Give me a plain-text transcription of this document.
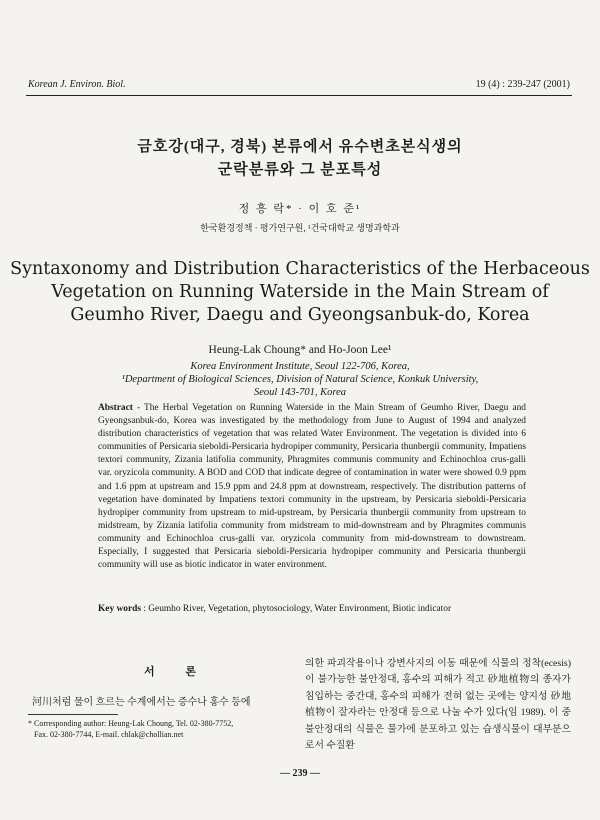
Korean J. Environ. Biol.	19 (4) : 239-247 (2001)
금호강(대구, 경북) 본류에서 유수변초본식생의
군락분류와 그 분포특성
정 흥 락* · 이 호 준¹
한국환경정책 · 평가연구원, ¹건국대학교 생명과학과
Syntaxonomy and Distribution Characteristics of the Herbaceous
Vegetation on Running Waterside in the Main Stream of
Geumho River, Daegu and Gyeongsanbuk-do, Korea
Heung-Lak Choung* and Ho-Joon Lee¹
Korea Environment Institute, Seoul 122-706, Korea,
¹Department of Biological Sciences, Division of Natural Science, Konkuk University,
Seoul 143-701, Korea
Abstract - The Herbal Vegetation on Running Waterside in the Main Stream of Geumho River, Daegu and Gyeongsanbuk-do, Korea was investigated by the methodology from June to August of 1994 and analyzed distribution characteristics of vegetation that was related Water Environment. The vegetation is divided into 6 communities of Persicaria sieboldi-Persicaria hydropiper community, Persicaria thunbergii community, Impatiens textori community, Zizania latifolia community, Phragmites communis community and Echinochloa crus-galli var. oryzicola community. A BOD and COD that indicate degree of contamination in water were showed 0.9 ppm and 1.6 ppm at upstream and 15.9 ppm and 24.8 ppm at downstream, respectively. The distribution patterns of vegetation have dominated by Impatiens textori community in the upstream, by Persicaria sieboldi-Persicaria hydropiper community from upstream to mid-upstream, by Persicaria thunbergii community from upstream to midstream, by Zizania latifolia community from midstream to mid-downstream and by Phragmites communis community and Echinochloa crus-galli var. oryzicola community from mid-downstream to downstream. Especially, I suggested that Persicaria sieboldi-Persicaria hydropiper community and Persicaria thunbergii community will use as biotic indicator in water environment.
Key words : Geumho River, Vegetation, phytosociology, Water Environment, Biotic indicator
서 론
河川처럼 물이 흐르는 수계에서는 증수나 홍수 등에
* Corresponding author: Heung-Lak Choung, Tel. 02-380-7752,
Fax. 02-380-7744, E-mail. chlak@chollian.net
의한 파괴작용이나 강변사지의 이동 때문에 식물의 정착(ecesis)이 불가능한 불안정대, 홍수의 피해가 적고 砂地植物의 종자가 침입하는 중간대, 홍수의 피해가 전혀 없는 곳에는 양지성 砂地植物이 잘자라는 안정대 등으로 나눌 수가 있다(임 1989). 이 중 불안정대의 식물은 물가에 분포하고 있는 습생식물이 대부분으로서 수질환
— 239 —
